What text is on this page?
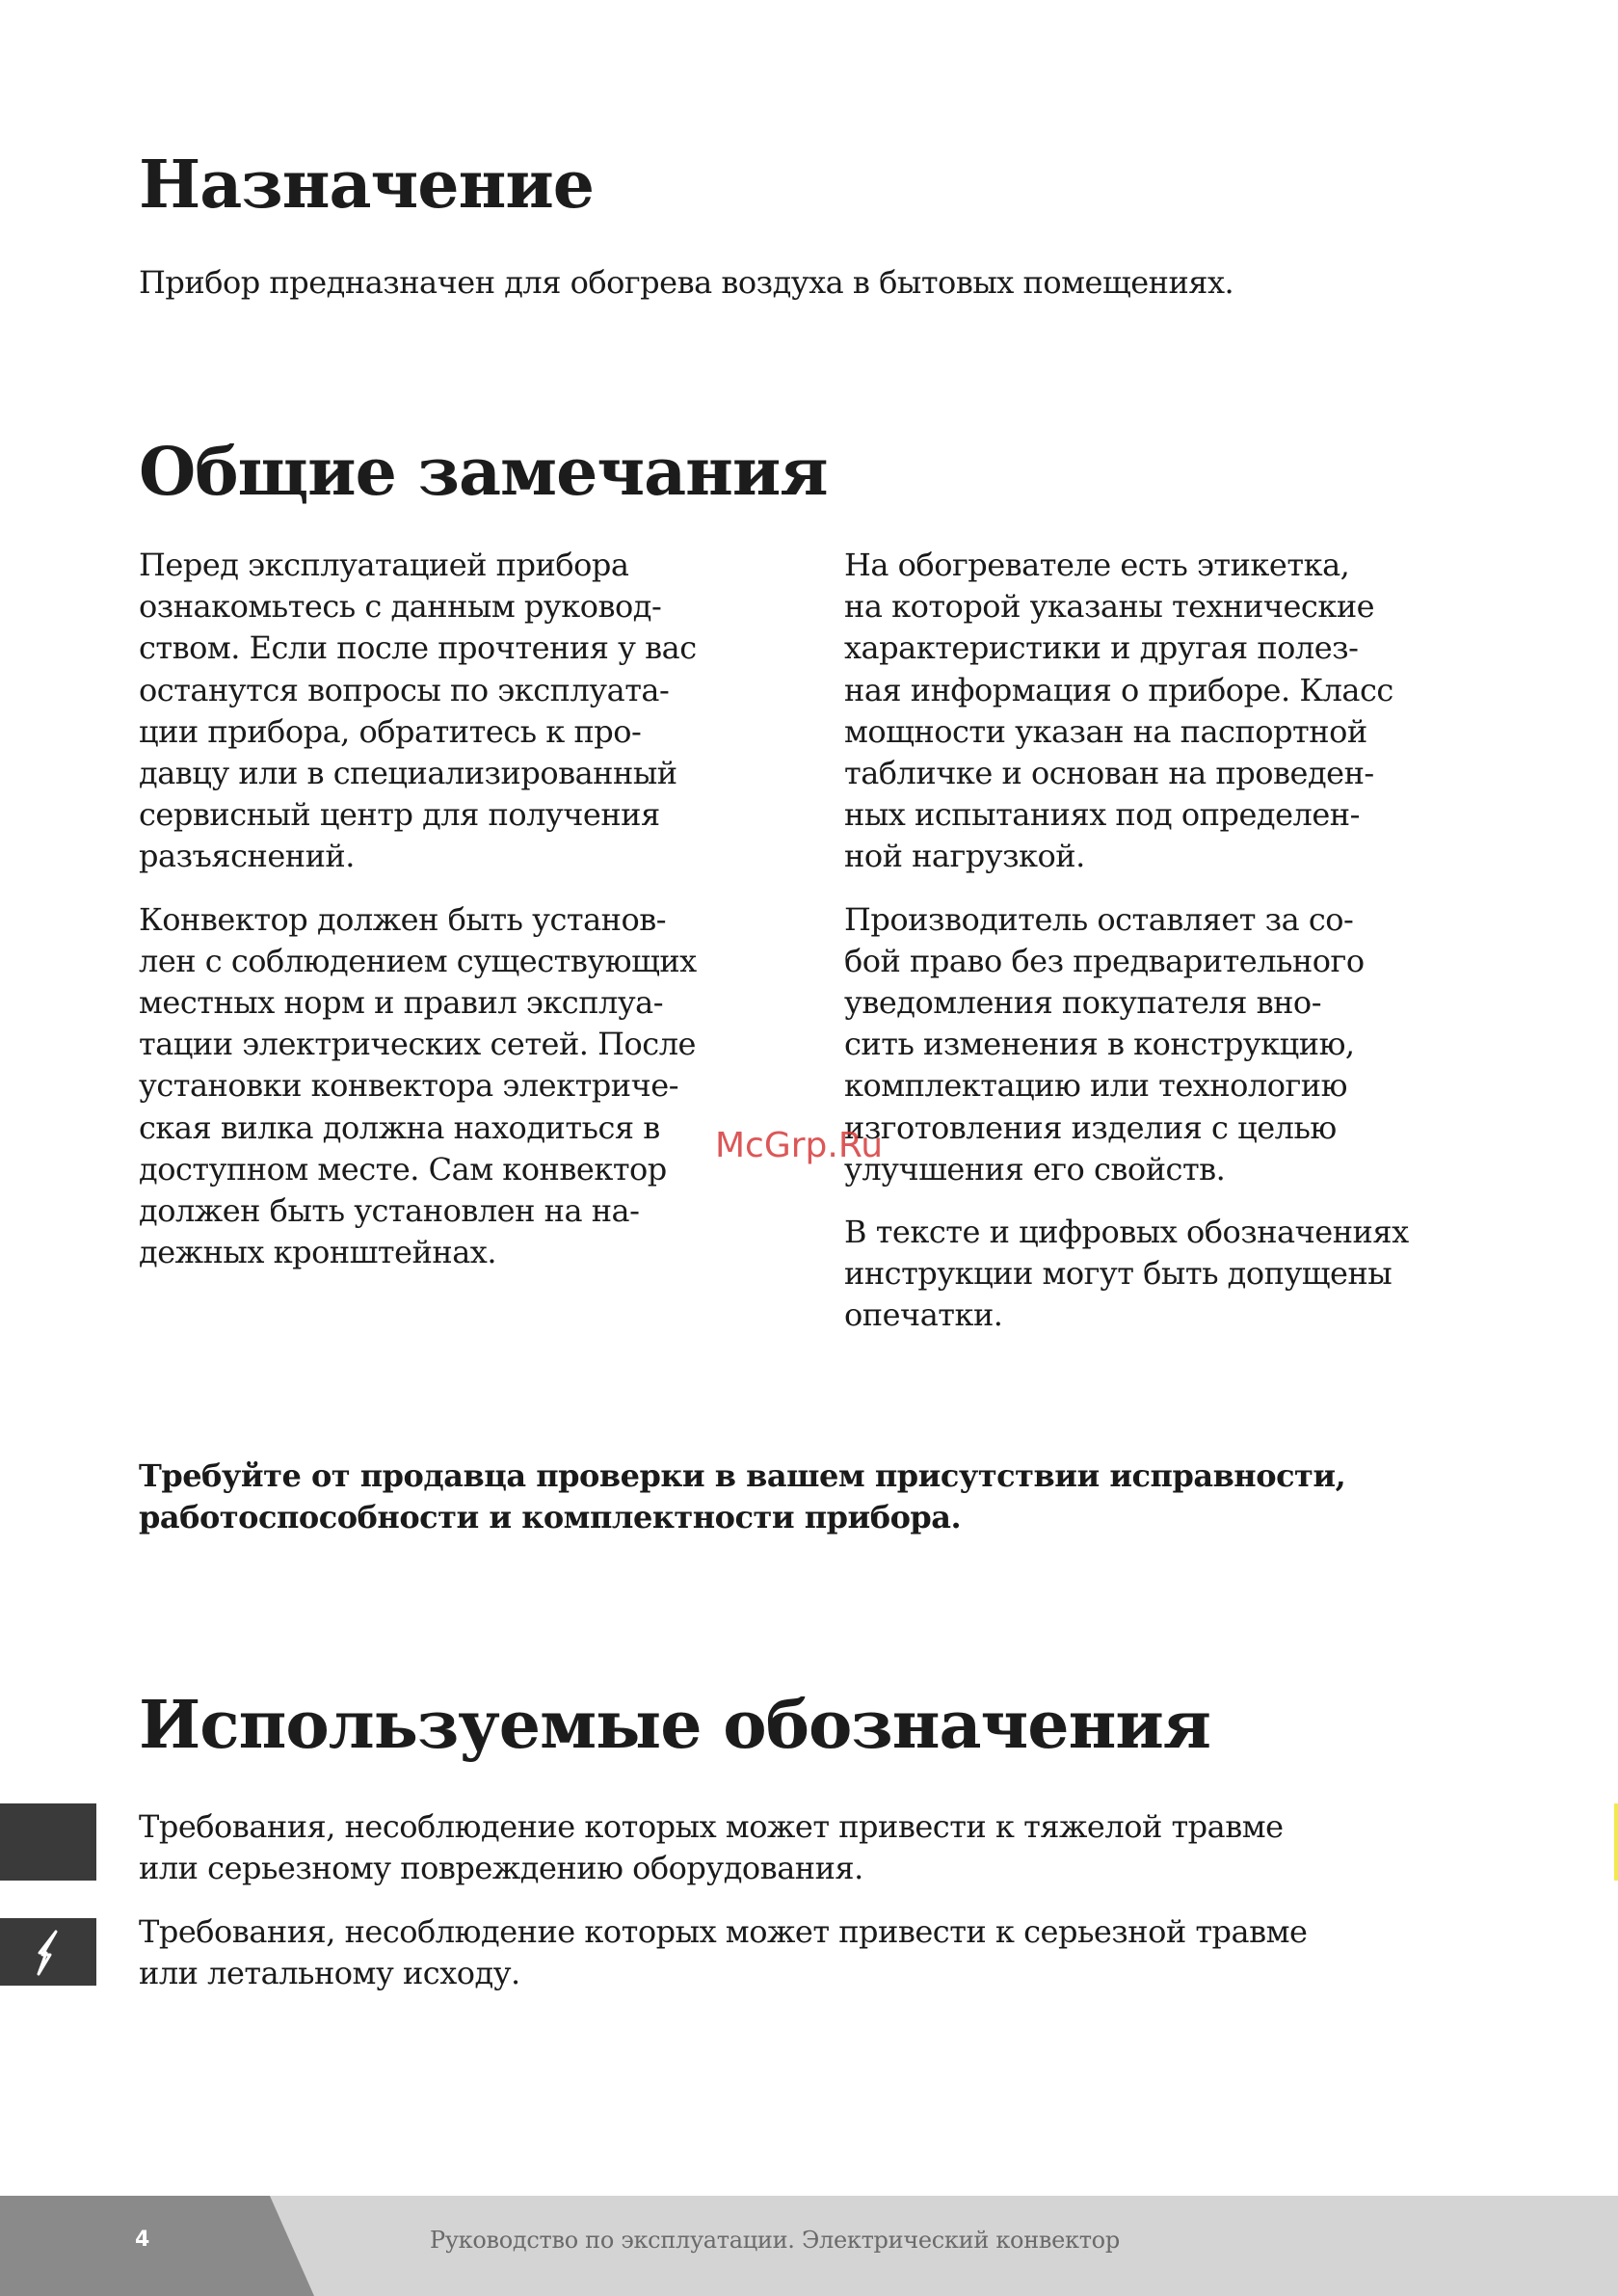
Назначение

Прибор предназначен для обогрева воздуха в бытовых помещениях.

Общие замечания

Перед эксплуатацией прибора
ознакомьтесь с данным руковод-
ством. Если после прочтения у вас
останутся вопросы по эксплуата-
ции прибора, обратитесь к про-
давцу или в специализированный
сервисный центр для получения
разъяснений.

Конвектор должен быть установ-
лен с соблюдением существующих
местных норм и правил эксплуа-
тации электрических сетей. После
установки конвектора электриче-
ская вилка должна находиться в
доступном месте. Сам конвектор
должен быть установлен на на-
дежных кронштейнах.

На обогревателе есть этикетка,
на которой указаны технические
характеристики и другая полез-
ная информация о приборе. Класс
мощности указан на паспортной
табличке и основан на проведен-
ных испытаниях под определен-
ной нагрузкой.

Производитель оставляет за со-
бой право без предварительного
уведомления покупателя вно-
сить изменения в конструкцию,
комплектацию или технологию
изготовления изделия с целью
улучшения его свойств.

В тексте и цифровых обозначениях
инструкции могут быть допущены
опечатки.

McGrp.Ru

Требуйте от продавца проверки в вашем присутствии исправности,
работоспособности и комплектности прибора.

Используемые обозначения

Требования, несоблюдение которых может привести к тяжелой травме
или серьезному повреждению оборудования.

Требования, несоблюдение которых может привести к серьезной травме
или летальному исходу.

4	Руководство по эксплуатации. Электрический конвектор
